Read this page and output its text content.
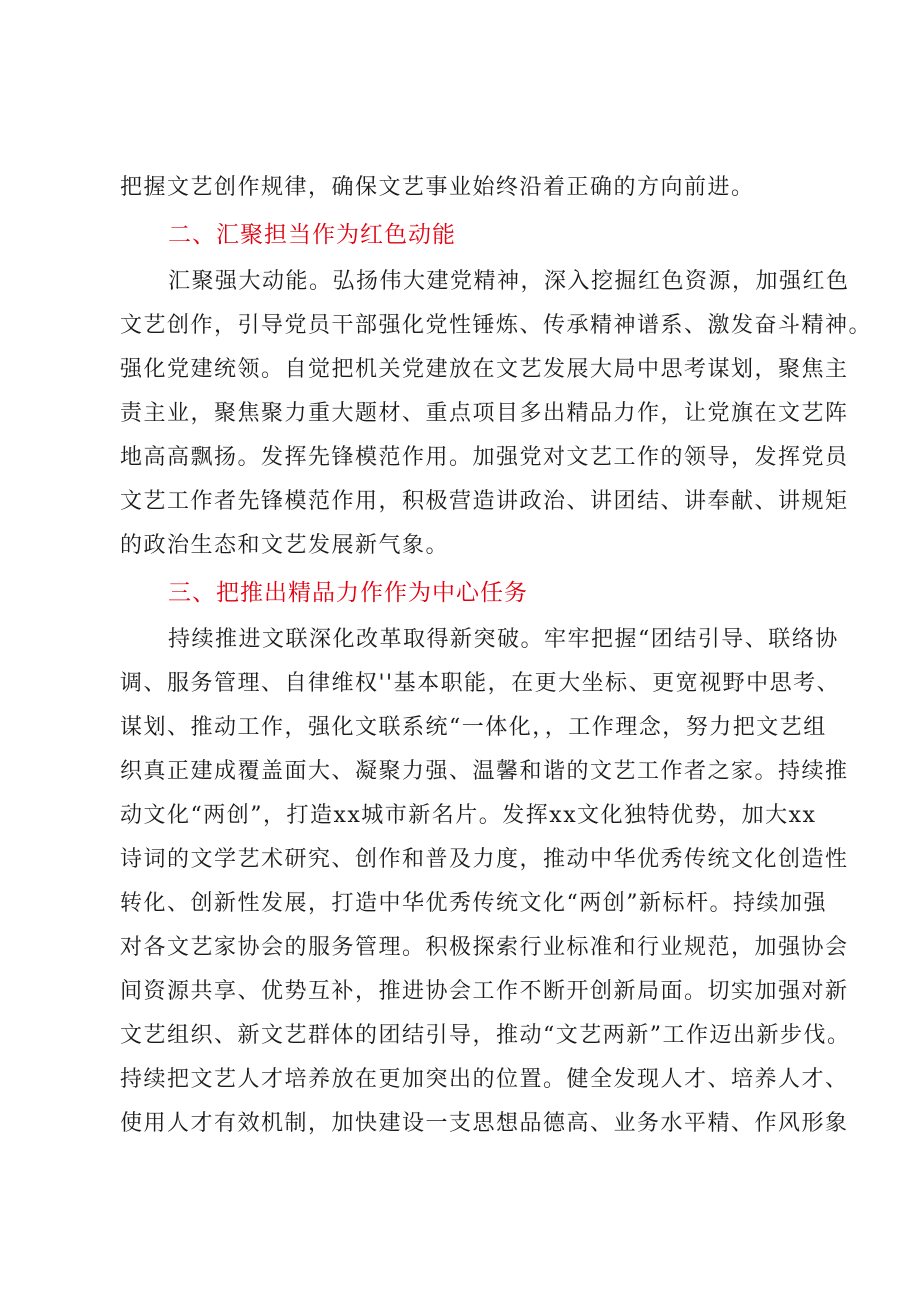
把握文艺创作规律，确保文艺事业始终沿着正确的方向前进。
二、汇聚担当作为红色动能
汇聚强大动能。弘扬伟大建党精神，深入挖掘红色资源，加强红色
文艺创作，引导党员干部强化党性锤炼、传承精神谱系、激发奋斗精神。
强化党建统领。自觉把机关党建放在文艺发展大局中思考谋划，聚焦主
责主业，聚焦聚力重大题材、重点项目多出精品力作，让党旗在文艺阵
地高高飘扬。发挥先锋模范作用。加强党对文艺工作的领导，发挥党员
文艺工作者先锋模范作用，积极营造讲政治、讲团结、讲奉献、讲规矩
的政治生态和文艺发展新气象。
三、把推出精品力作作为中心任务
持续推进文联深化改革取得新突破。牢牢把握“团结引导、联络协
调、服务管理、自律维权''基本职能，在更大坐标、更宽视野中思考、
谋划、推动工作，强化文联系统“一体化，，工作理念，努力把文艺组
织真正建成覆盖面大、凝聚力强、温馨和谐的文艺工作者之家。持续推
动文化“两创”，打造xx城市新名片。发挥xx文化独特优势，加大xx
诗词的文学艺术研究、创作和普及力度，推动中华优秀传统文化创造性
转化、创新性发展，打造中华优秀传统文化“两创”新标杆。持续加强
对各文艺家协会的服务管理。积极探索行业标准和行业规范，加强协会
间资源共享、优势互补，推进协会工作不断开创新局面。切实加强对新
文艺组织、新文艺群体的团结引导，推动“文艺两新”工作迈出新步伐。
持续把文艺人才培养放在更加突出的位置。健全发现人才、培养人才、
使用人才有效机制，加快建设一支思想品德高、业务水平精、作风形象
